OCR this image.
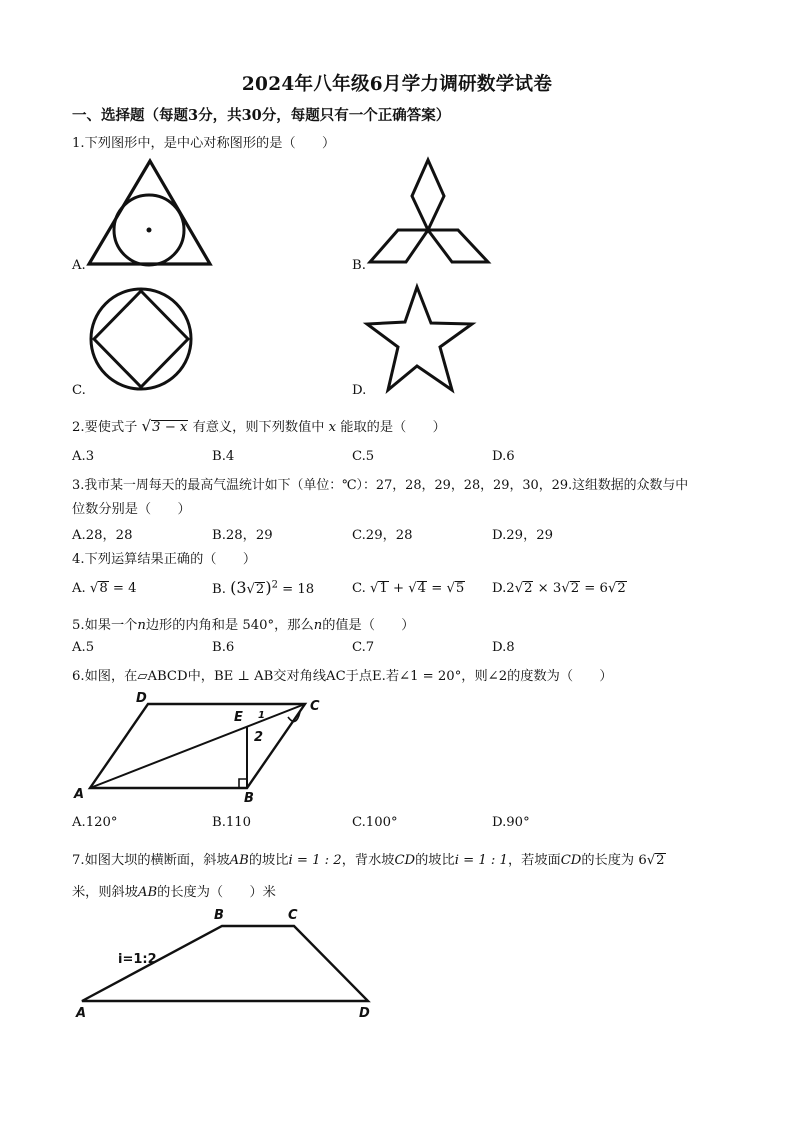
2024年八年级6月学力调研数学试卷
一、选择题（每题3分，共30分，每题只有一个正确答案）
1.下列图形中，是中心对称图形的是（　　）
A.	B.
C.	D.
2.要使式子 √3 − x 有意义，则下列数值中 x 能取的是（　　）
A.3	B.4	C.5	D.6
3.我市某一周每天的最高气温统计如下（单位：℃）：27，28，29，28，29，30，29.这组数据的众数与中
位数分别是（　　）
A.28，28	B.28，29	C.29，28	D.29，29
4.下列运算结果正确的（　　）
A. √8 = 4	B. $(3√2)^2 = 18$	C. √1 + √4 = √5 D.2√2 × 3√2 = 6√2
5.如果一个n边形的内角和是 540°，那么n的值是（　　）
A.5	B.6	C.7	D.8
6.如图，在▱ABCD中，BE ⊥ AB交对角线AC于点E.若∠1 = 20°，则∠2的度数为（　　）
A	B
C
D
E 1
2
A.120°	B.110	C.100°	D.90°
7.如图大坝的横断面，斜坡AB的坡比i = 1 : 2，背水坡CD的坡比i = 1 : 1，若坡面CD的长度为 6√2
米，则斜坡AB的长度为（　　）米
A
B	C
D
i=1:2
